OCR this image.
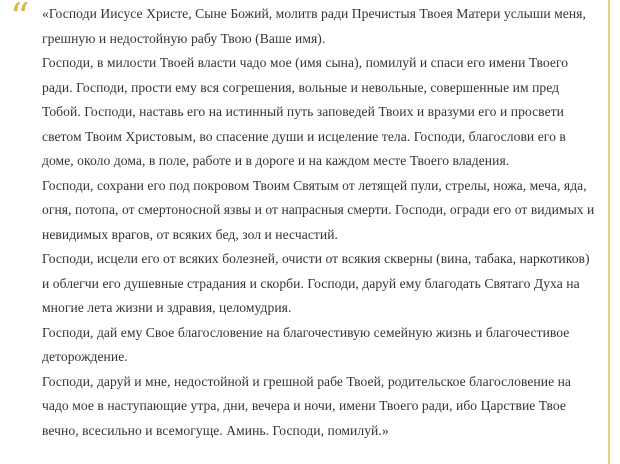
“ «Господи Иисусе Христе, Сыне Божий, молитв ради Пречистыя Твоея Матери услыши меня, грешную и недостойную рабу Твою (Ваше имя).

Господи, в милости Твоей власти чадо мое (имя сына), помилуй и спаси его имени Твоего ради. Господи, прости ему вся согрешения, вольные и невольные, совершенные им пред Тобой. Господи, наставь его на истинный путь заповедей Твоих и вразуми его и просвети светом Твоим Христовым, во спасение души и исцеление тела. Господи, благослови его в доме, около дома, в поле, работе и в дороге и на каждом месте Твоего владения.

Господи, сохрани его под покровом Твоим Святым от летящей пули, стрелы, ножа, меча, яда, огня, потопа, от смертоносной язвы и от напрасныя смерти. Господи, огради его от видимых и невидимых врагов, от всяких бед, зол и несчастий.

Господи, исцели его от всяких болезней, очисти от всякия скверны (вина, табака, наркотиков) и облегчи его душевные страдания и скорби. Господи, даруй ему благодать Святаго Духа на многие лета жизни и здравия, целомудрия.

Господи, дай ему Свое благословение на благочестивую семейную жизнь и благочестивое деторождение.

Господи, даруй и мне, недостойной и грешной рабе Твоей, родительское благословение на чадо мое в наступающие утра, дни, вечера и ночи, имени Твоего ради, ибо Царствие Твое вечно, всесильно и всемогуще. Аминь. Господи, помилуй.»
